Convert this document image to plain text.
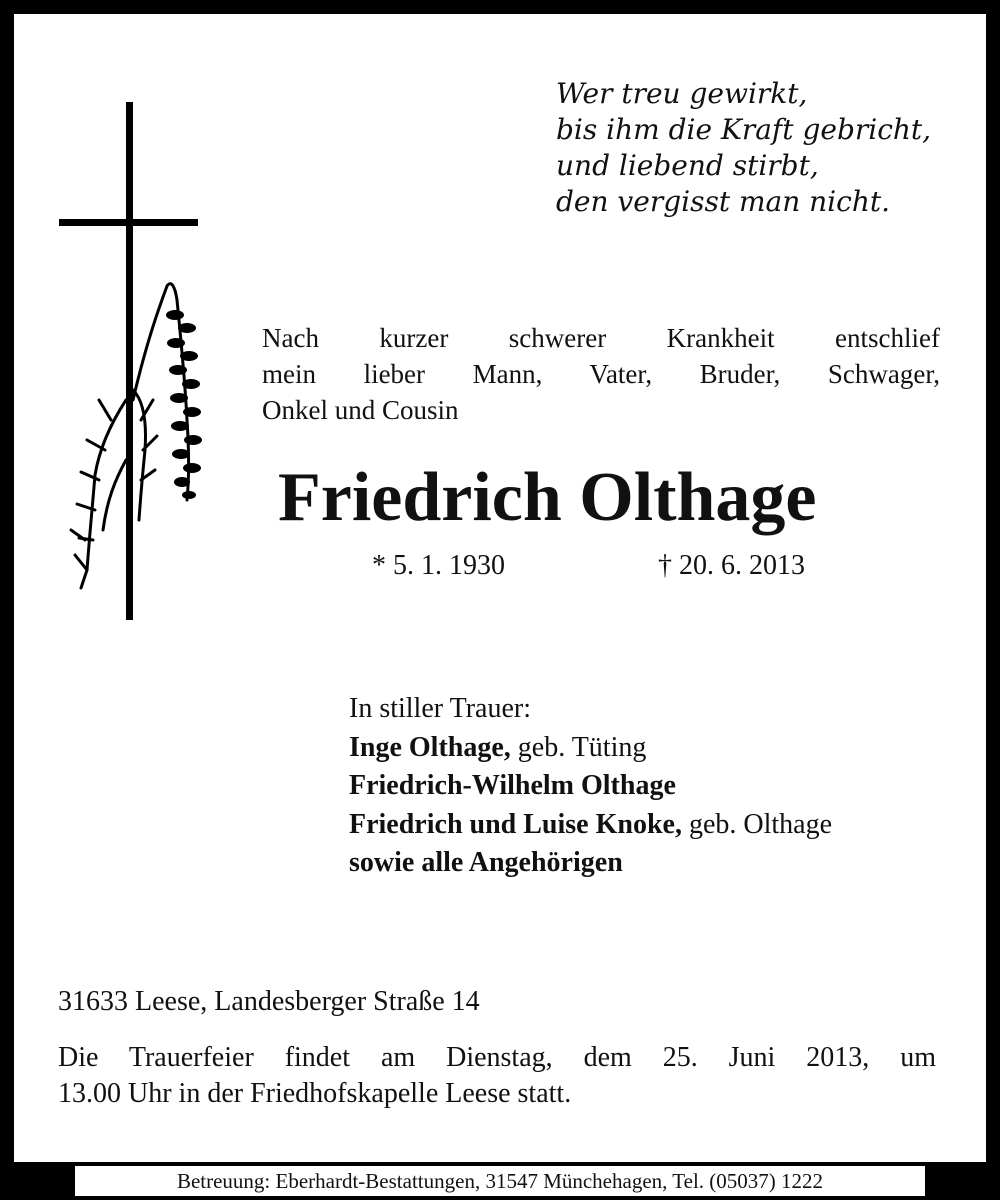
Wer treu gewirkt,
bis ihm die Kraft gebricht,
und liebend stirbt,
den vergisst man nicht.
Nach kurzer schwerer Krankheit entschlief
mein lieber Mann, Vater, Bruder, Schwager,
Onkel und Cousin
Friedrich Olthage
* 5. 1. 1930	† 20. 6. 2013
In stiller Trauer:
Inge Olthage, geb. Tüting
Friedrich-Wilhelm Olthage
Friedrich und Luise Knoke, geb. Olthage
sowie alle Angehörigen
31633 Leese, Landesberger Straße 14
Die Trauerfeier findet am Dienstag, dem 25. Juni 2013, um
13.00 Uhr in der Friedhofskapelle Leese statt.
Betreuung: Eberhardt-Bestattungen, 31547 Münchehagen, Tel. (05037) 1222
